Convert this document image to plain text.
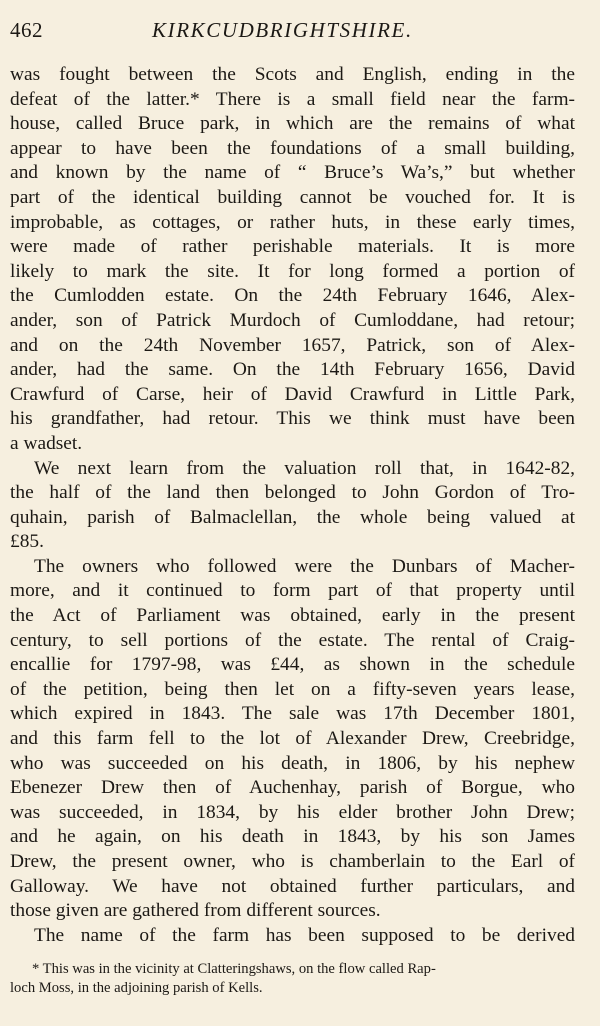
462	KIRKCUDBRIGHTSHIRE.
was fought between the Scots and English, ending in the
defeat of the latter.* There is a small field near the farm-
house, called Bruce park, in which are the remains of what
appear to have been the foundations of a small building,
and known by the name of “ Bruce’s Wa’s,” but whether
part of the identical building cannot be vouched for. It is
improbable, as cottages, or rather huts, in these early times,
were made of rather perishable materials. It is more
likely to mark the site. It for long formed a portion of
the Cumlodden estate. On the 24th February 1646, Alex-
ander, son of Patrick Murdoch of Cumloddane, had retour;
and on the 24th November 1657, Patrick, son of Alex-
ander, had the same. On the 14th February 1656, David
Crawfurd of Carse, heir of David Crawfurd in Little Park,
his grandfather, had retour. This we think must have been
a wadset.
We next learn from the valuation roll that, in 1642-82,
the half of the land then belonged to John Gordon of Tro-
quhain, parish of Balmaclellan, the whole being valued at
£85.
The owners who followed were the Dunbars of Macher-
more, and it continued to form part of that property until
the Act of Parliament was obtained, early in the present
century, to sell portions of the estate. The rental of Craig-
encallie for 1797-98, was £44, as shown in the schedule
of the petition, being then let on a fifty-seven years lease,
which expired in 1843. The sale was 17th December 1801,
and this farm fell to the lot of Alexander Drew, Creebridge,
who was succeeded on his death, in 1806, by his nephew
Ebenezer Drew then of Auchenhay, parish of Borgue, who
was succeeded, in 1834, by his elder brother John Drew;
and he again, on his death in 1843, by his son James
Drew, the present owner, who is chamberlain to the Earl of
Galloway. We have not obtained further particulars, and
those given are gathered from different sources.
The name of the farm has been supposed to be derived
* This was in the vicinity at Clatteringshaws, on the flow called Rap-
loch Moss, in the adjoining parish of Kells.
